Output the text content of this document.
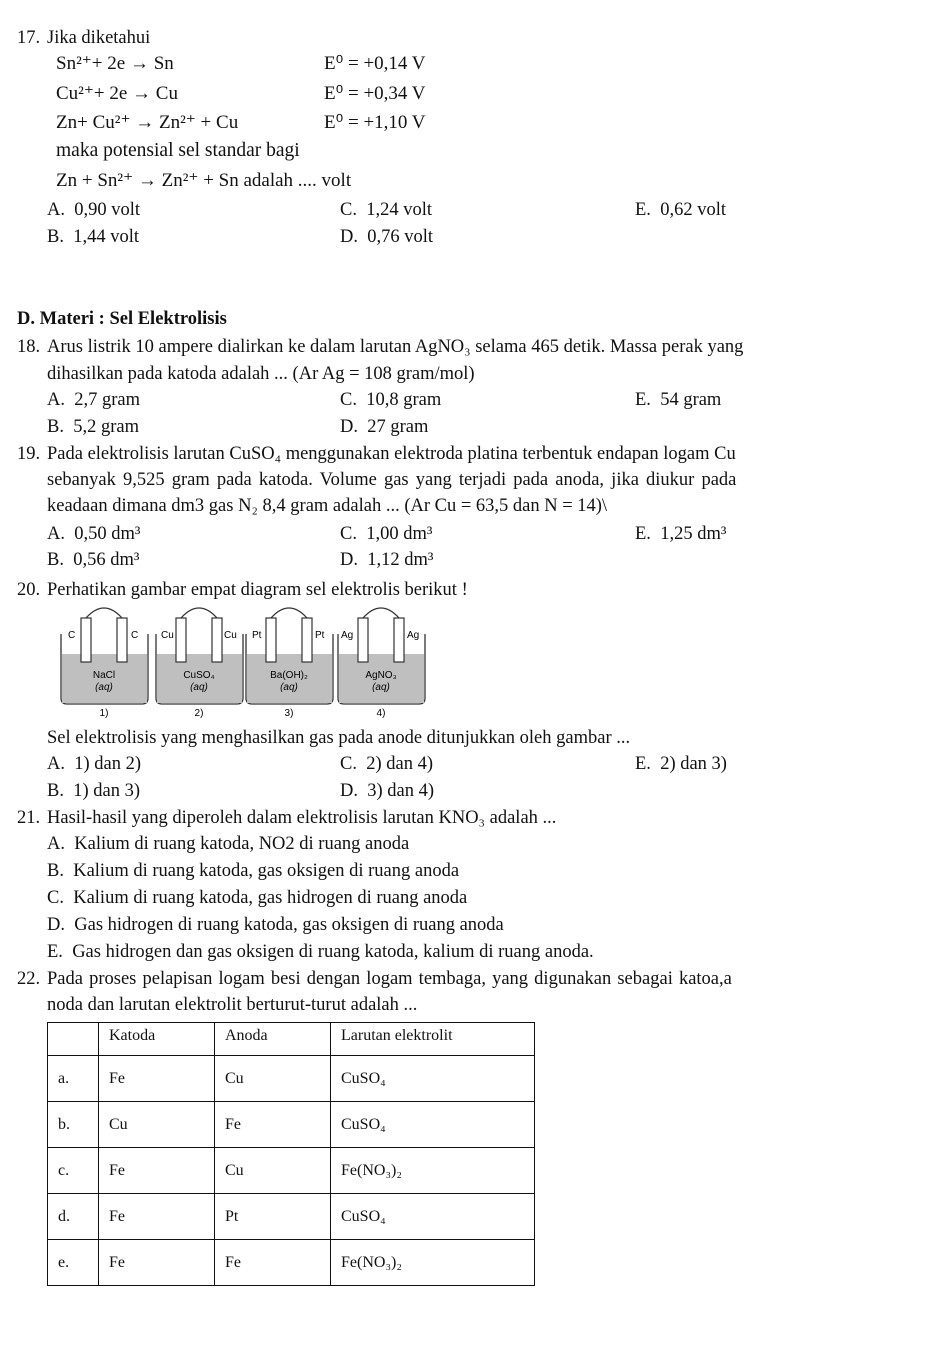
17. Jika diketahui
Sn²⁺+ 2e → Sn	E⁰ = +0,14 V
Cu²⁺+ 2e → Cu	E⁰ = +0,34 V
Zn+ Cu²⁺ → Zn²⁺ + Cu	E⁰ = +1,10 V
maka potensial sel standar bagi
Zn + Sn²⁺ → Zn²⁺ + Sn adalah .... volt
A.  0,90 volt	C.  1,24 volt	E.  0,62 volt
B.  1,44 volt	D.  0,76 volt
D. Materi : Sel Elektrolisis
18. Arus listrik 10 ampere dialirkan ke dalam larutan AgNO₃ selama 465 detik. Massa perak yang
dihasilkan pada katoda adalah ... (Ar Ag = 108 gram/mol)
A.  2,7 gram	C.  10,8 gram	E.  54 gram
B.  5,2 gram	D.  27 gram
19. Pada elektrolisis larutan CuSO₄ menggunakan elektroda platina terbentuk endapan logam Cu
sebanyak 9,525 gram pada katoda. Volume gas yang terjadi pada anoda, jika diukur pada
keadaan dimana dm3 gas N₂ 8,4 gram adalah ... (Ar Cu = 63,5 dan N = 14)\
A.  0,50 dm³	C.  1,00 dm³	E.  1,25 dm³
B.  0,56 dm³	D.  1,12 dm³
20. Perhatikan gambar empat diagram sel elektrolis berikut !
C	C
NaCl
(aq)
1)
Cu	Cu
CuSO₄
(aq)
2)
Pt	Pt
Ba(OH)₂
(aq)
3)
Ag	Ag
AgNO₃
(aq)
4)
Sel elektrolisis yang menghasilkan gas pada anode ditunjukkan oleh gambar ...
A.  1) dan 2)	C.  2) dan 4)	E.  2) dan 3)
B.  1) dan 3)	D.  3) dan 4)
21. Hasil-hasil yang diperoleh dalam elektrolisis larutan KNO₃ adalah ...
A. Kalium di ruang katoda, NO2 di ruang anoda
B. Kalium di ruang katoda, gas oksigen di ruang anoda
C. Kalium di ruang katoda, gas hidrogen di ruang anoda
D. Gas hidrogen di ruang katoda, gas oksigen di ruang anoda
E. Gas hidrogen dan gas oksigen di ruang katoda, kalium di ruang anoda.
22. Pada proses pelapisan logam besi dengan logam tembaga, yang digunakan sebagai katoa,a
noda dan larutan elektrolit berturut-turut adalah ...
	Katoda	Anoda	Larutan elektrolit
a.	Fe	Cu	CuSO₄
b.	Cu	Fe	CuSO₄
c.	Fe	Cu	Fe(NO₃)₂
d.	Fe	Pt	CuSO₄
e.	Fe	Fe	Fe(NO₃)₂
